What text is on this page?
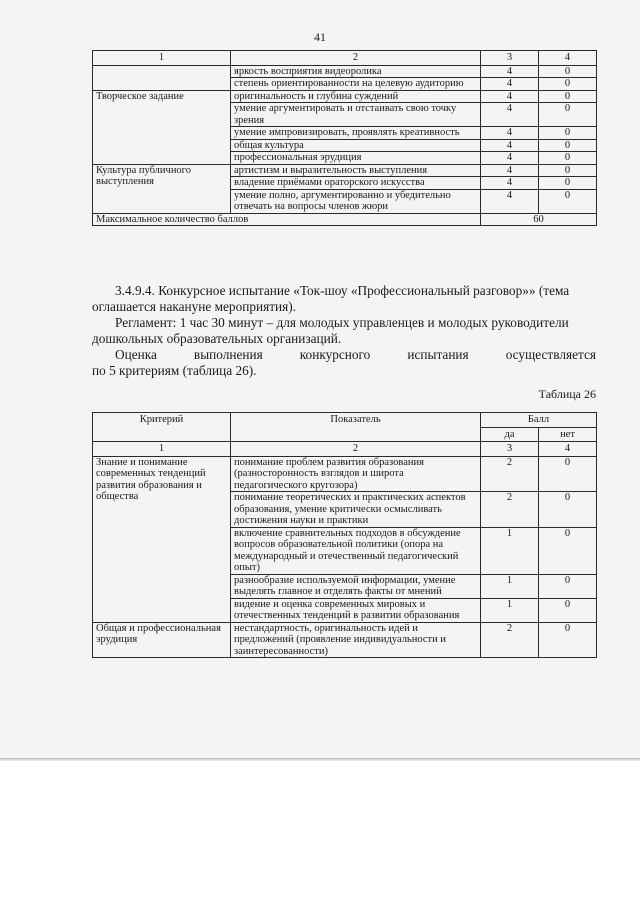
41
1	2	3	4
	яркость восприятия видеоролика	4	0
	степень ориентированности на целевую аудиторию	4	0
Творческое задание	оригинальность и глубина суждений	4	0
	умение аргументировать и отстаивать свою точку зрения	4	0
	умение импровизировать, проявлять креативность	4	0
	общая культура	4	0
	профессиональная эрудиция	4	0
Культура публичного выступления	артистизм и выразительность выступления	4	0
	владение приёмами ораторского искусства	4	0
	умение полно, аргументированно и убедительно отвечать на вопросы членов жюри	4	0
Максимальное количество баллов		60	

3.4.9.4. Конкурсное испытание «Ток-шоу «Профессиональный разговор»» (тема оглашается накануне мероприятия).

Регламент: 1 час 30 минут – для молодых управленцев и молодых руководители дошкольных образовательных организаций.

Оценка выполнения конкурсного испытания осуществляется

по 5 критериям (таблица 26).

Таблица 26
Критерий	Показатель	Балл	
		да	нет
1	2	3	4
Знание и понимание современных тенденций развития образования и общества	понимание проблем развития образования (разносторонность взглядов и широта педагогического кругозора)	2	0
	понимание теоретических и практических аспектов образования, умение критически осмысливать достижения науки и практики	2	0
	включение сравнительных подходов в обсуждение вопросов образовательной политики (опора на международный и отечественный педагогический опыт)	1	0
	разнообразие используемой информации, умение выделять главное и отделять факты от мнений	1	0
	видение и оценка современных мировых и отечественных тенденций в развитии образования	1	0
Общая и профессиональная эрудиция	нестандартность, оригинальность идей и предложений (проявление индивидуальности и заинтересованности)	2	0
